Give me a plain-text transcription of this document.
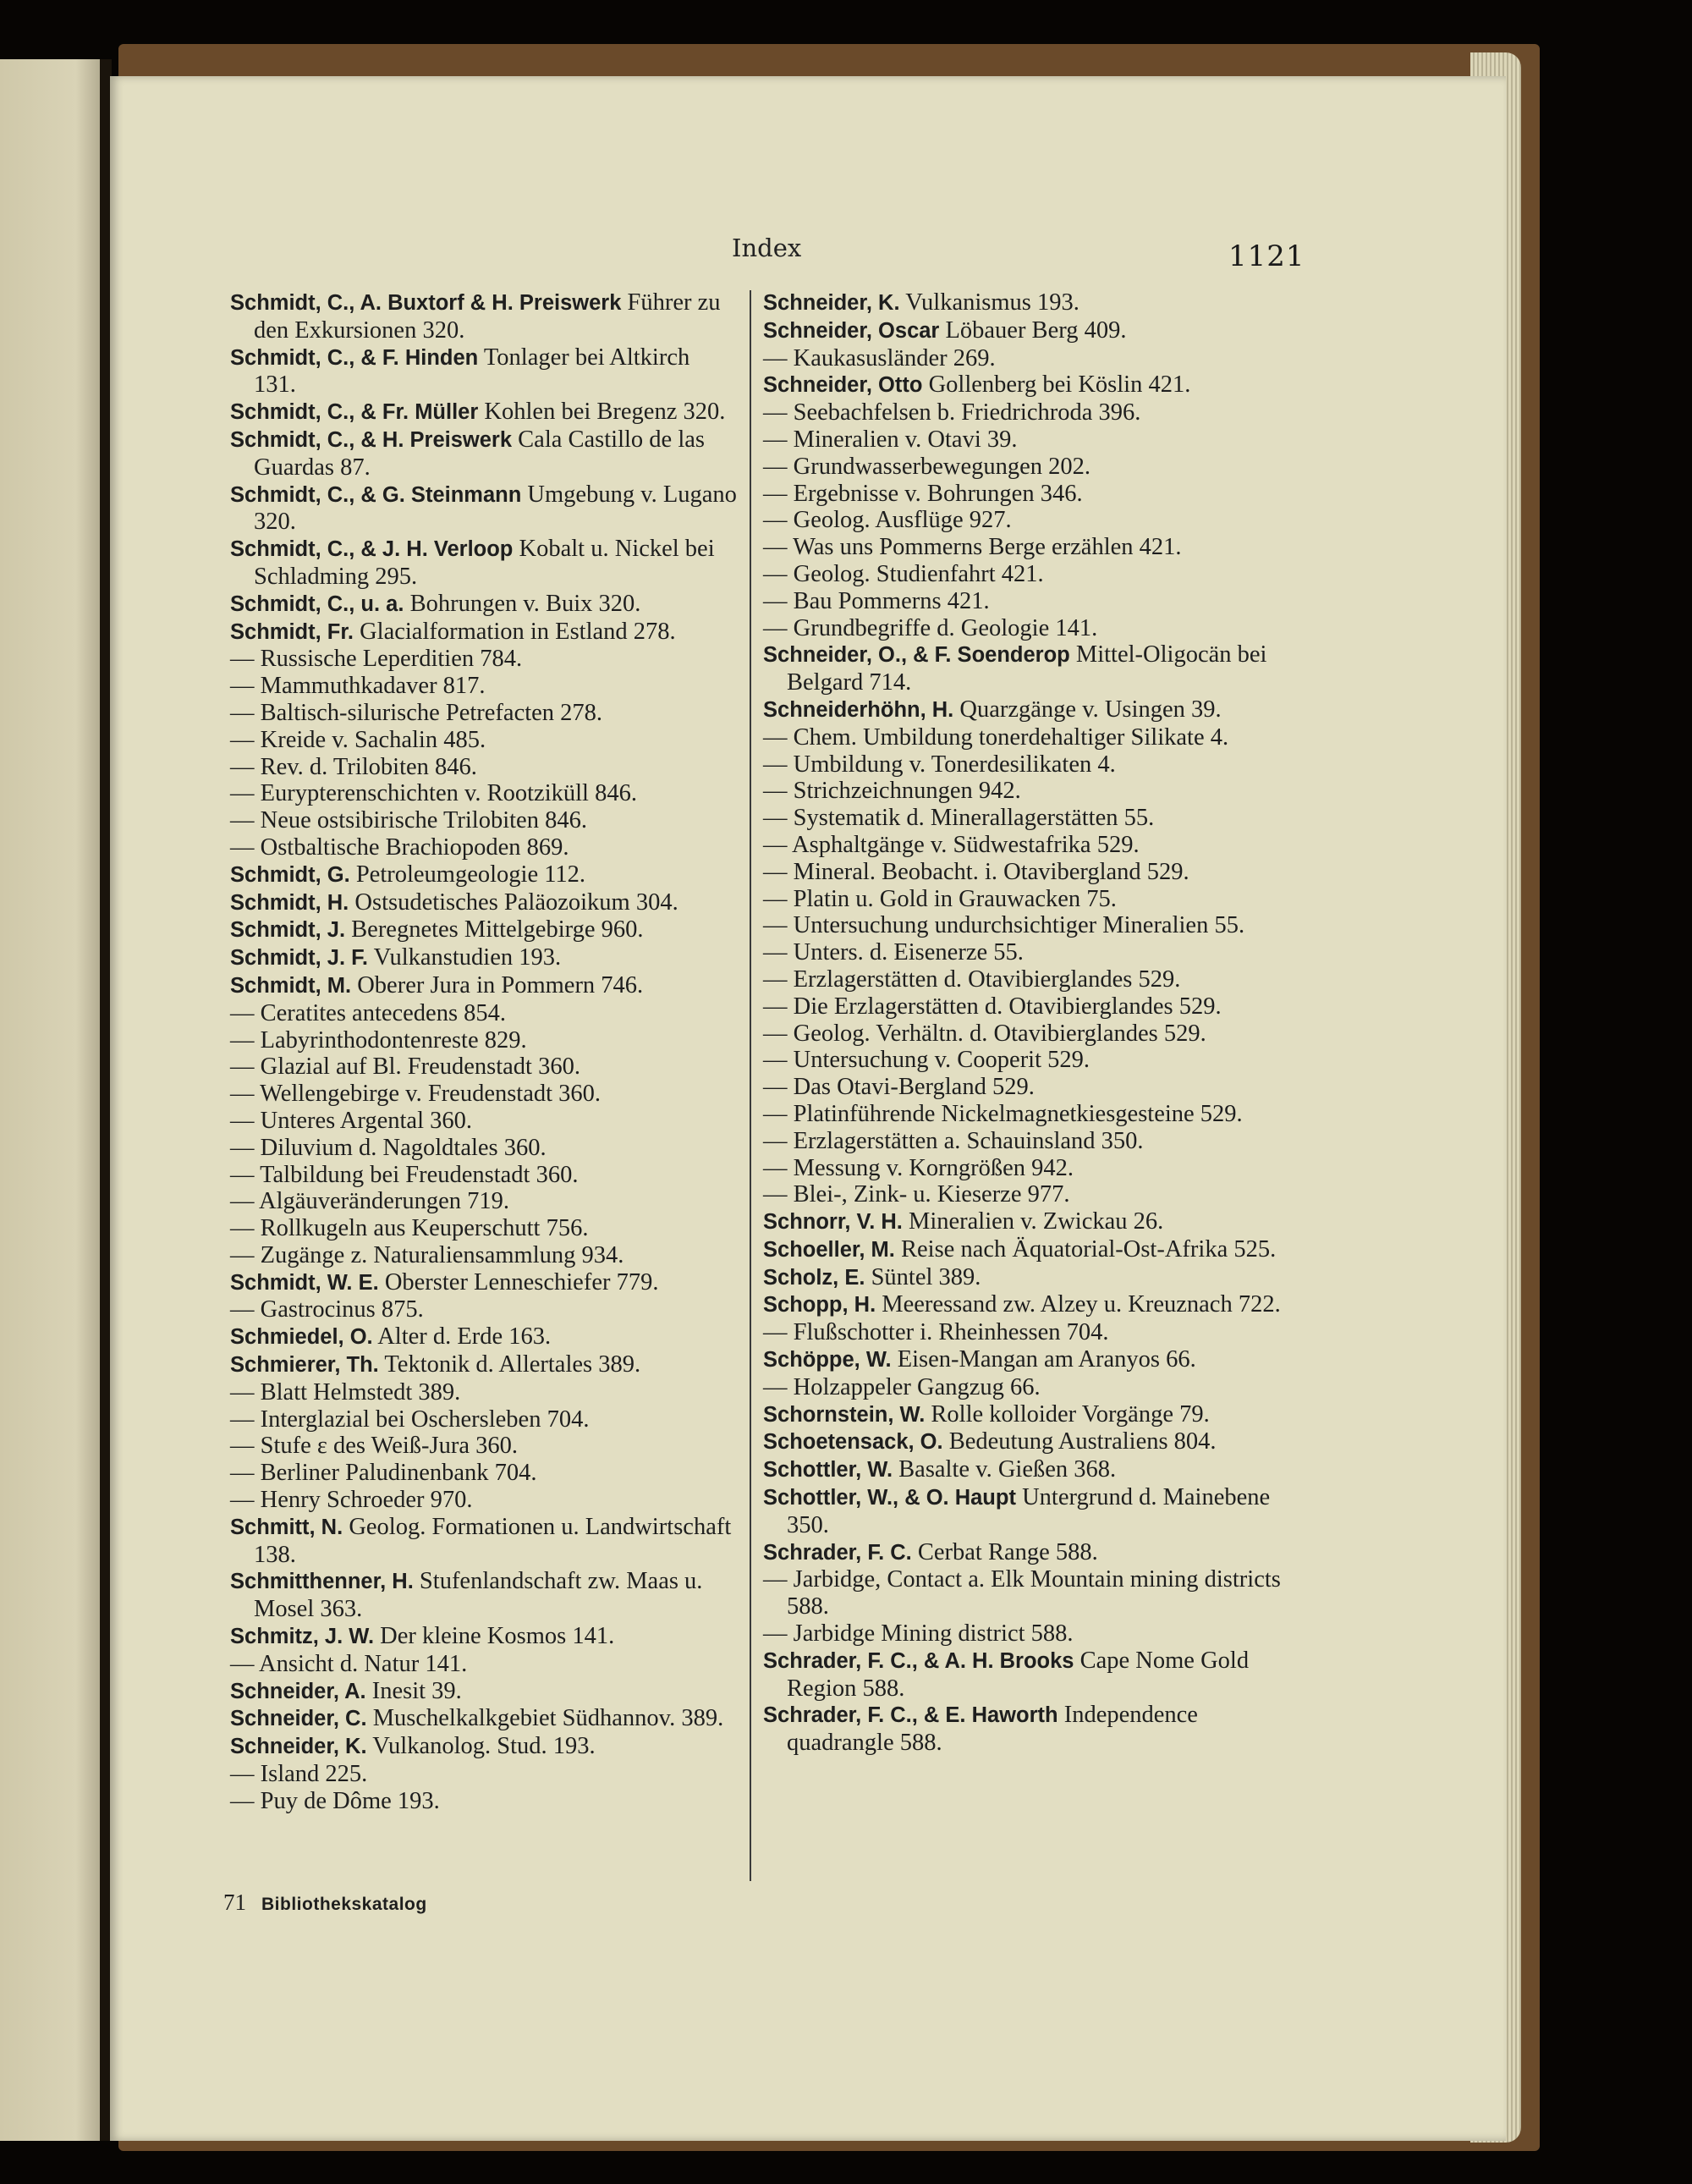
Index	1121

Schmidt, C., A. Buxtorf & H. Preiswerk Führer zu den Exkursionen 320.

Schmidt, C., & F. Hinden Tonlager bei Altkirch 131.

Schmidt, C., & Fr. Müller Kohlen bei Bregenz 320.

Schmidt, C., & H. Preiswerk Cala Castillo de las Guardas 87.

Schmidt, C., & G. Steinmann Umgebung v. Lugano 320.

Schmidt, C., & J. H. Verloop Kobalt u. Nickel bei Schladming 295.

Schmidt, C., u. a. Bohrungen v. Buix 320.

Schmidt, Fr. Glacialformation in Estland 278.

— Russische Leperditien 784.

— Mammuthkadaver 817.

— Baltisch-silurische Petrefacten 278.

— Kreide v. Sachalin 485.

— Rev. d. Trilobiten 846.

— Eurypterenschichten v. Rootziküll 846.

— Neue ostsibirische Trilobiten 846.

— Ostbaltische Brachiopoden 869.

Schmidt, G. Petroleumgeologie 112.

Schmidt, H. Ostsudetisches Paläozoikum 304.

Schmidt, J. Beregnetes Mittelgebirge 960.

Schmidt, J. F. Vulkanstudien 193.

Schmidt, M. Oberer Jura in Pommern 746.

— Ceratites antecedens 854.

— Labyrinthodontenreste 829.

— Glazial auf Bl. Freudenstadt 360.

— Wellengebirge v. Freudenstadt 360.

— Unteres Argental 360.

— Diluvium d. Nagoldtales 360.

— Talbildung bei Freudenstadt 360.

— Algäuveränderungen 719.

— Rollkugeln aus Keuperschutt 756.

— Zugänge z. Naturaliensammlung 934.

Schmidt, W. E. Oberster Lenneschiefer 779.

— Gastrocinus 875.

Schmiedel, O. Alter d. Erde 163.

Schmierer, Th. Tektonik d. Allertales 389.

— Blatt Helmstedt 389.

— Interglazial bei Oschersleben 704.

— Stufe ε des Weiß-Jura 360.

— Berliner Paludinenbank 704.

— Henry Schroeder 970.

Schmitt, N. Geolog. Formationen u. Landwirtschaft 138.

Schmitthenner, H. Stufenlandschaft zw. Maas u. Mosel 363.

Schmitz, J. W. Der kleine Kosmos 141.

— Ansicht d. Natur 141.

Schneider, A. Inesit 39.

Schneider, C. Muschelkalkgebiet Südhannov. 389.

Schneider, K. Vulkanolog. Stud. 193.

— Island 225.

— Puy de Dôme 193.

Schneider, K. Vulkanismus 193.

Schneider, Oscar Löbauer Berg 409.

— Kaukasusländer 269.

Schneider, Otto Gollenberg bei Köslin 421.

— Seebachfelsen b. Friedrichroda 396.

— Mineralien v. Otavi 39.

— Grundwasserbewegungen 202.

— Ergebnisse v. Bohrungen 346.

— Geolog. Ausflüge 927.

— Was uns Pommerns Berge erzählen 421.

— Geolog. Studienfahrt 421.

— Bau Pommerns 421.

— Grundbegriffe d. Geologie 141.

Schneider, O., & F. Soenderop Mittel-Oligocän bei Belgard 714.

Schneiderhöhn, H. Quarzgänge v. Usingen 39.

— Chem. Umbildung tonerdehaltiger Silikate 4.

— Umbildung v. Tonerdesilikaten 4.

— Strichzeichnungen 942.

— Systematik d. Minerallagerstätten 55.

— Asphaltgänge v. Südwestafrika 529.

— Mineral. Beobacht. i. Otavibergland 529.

— Platin u. Gold in Grauwacken 75.

— Untersuchung undurchsichtiger Mineralien 55.

— Unters. d. Eisenerze 55.

— Erzlagerstätten d. Otavibierglandes 529.

— Die Erzlagerstätten d. Otavibierglandes 529.

— Geolog. Verhältn. d. Otavibierglandes 529.

— Untersuchung v. Cooperit 529.

— Das Otavi-Bergland 529.

— Platinführende Nickelmagnetkiesgesteine 529.

— Erzlagerstätten a. Schauinsland 350.

— Messung v. Korngrößen 942.

— Blei-, Zink- u. Kieserze 977.

Schnorr, V. H. Mineralien v. Zwickau 26.

Schoeller, M. Reise nach Äquatorial-Ost-Afrika 525.

Scholz, E. Süntel 389.

Schopp, H. Meeressand zw. Alzey u. Kreuznach 722.

— Flußschotter i. Rheinhessen 704.

Schöppe, W. Eisen-Mangan am Aranyos 66.

— Holzappeler Gangzug 66.

Schornstein, W. Rolle kolloider Vorgänge 79.

Schoetensack, O. Bedeutung Australiens 804.

Schottler, W. Basalte v. Gießen 368.

Schottler, W., & O. Haupt Untergrund d. Mainebene 350.

Schrader, F. C. Cerbat Range 588.

— Jarbidge, Contact a. Elk Mountain mining districts 588.

— Jarbidge Mining district 588.

Schrader, F. C., & A. H. Brooks Cape Nome Gold Region 588.

Schrader, F. C., & E. Haworth Independence quadrangle 588.

71 Bibliothekskatalog
